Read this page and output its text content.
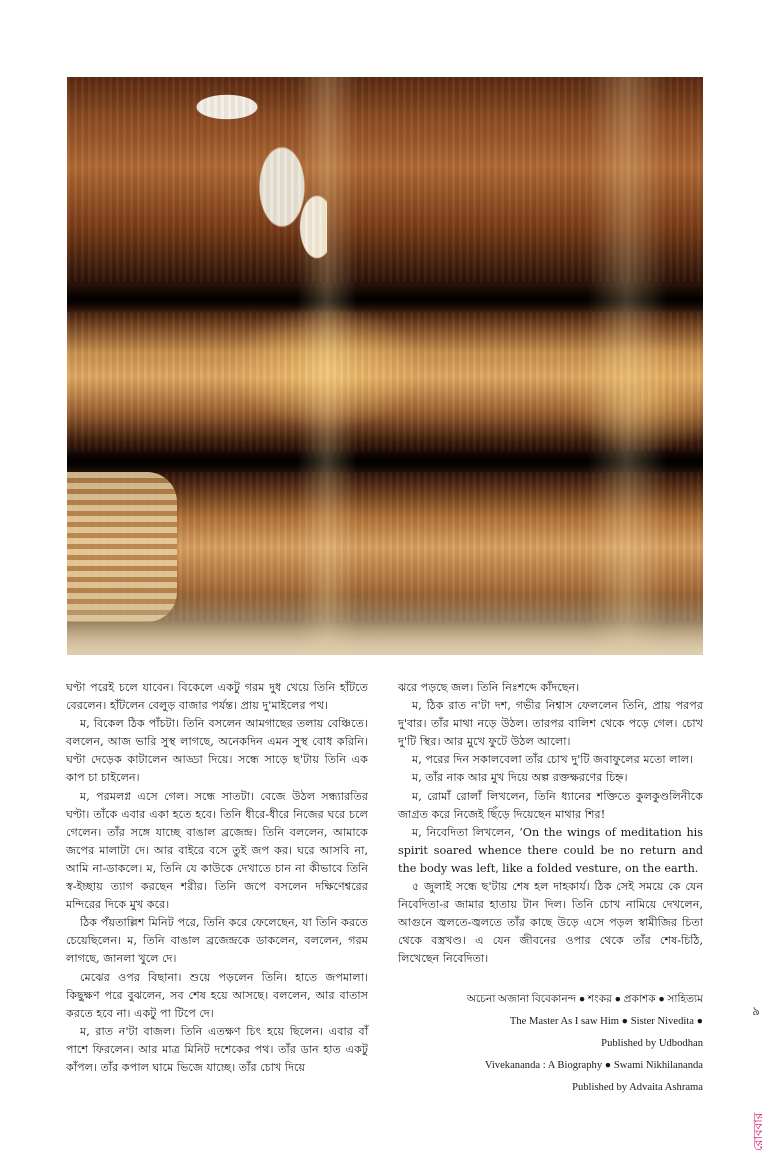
ঘণ্টা পরেই চলে যাবেন। বিকেলে একটু গরম দুধ খেয়ে তিনি হাঁটতে বেরলেন। হাঁটলেন বেলুড় বাজার পর্যন্ত। প্রায় দু'মাইলের পথ।

ম, বিকেল ঠিক পাঁচটা। তিনি বসলেন আমগাছের তলায় বেঞ্চিতে। বললেন, আজ ভারি সুস্থ লাগছে, অনেকদিন এমন সুস্থ বোধ করিনি। ঘণ্টা দেড়েক কাটালেন আড্ডা দিয়ে। সন্ধে সাড়ে ছ'টায় তিনি এক কাপ চা চাইলেন।

ম, পরমলগ্ন এসে গেল। সন্ধে সাতটা। বেজে উঠল সন্ধ্যারতির ঘণ্টা। তাঁকে এবার একা হতে হবে। তিনি ধীরে-ধীরে নিজের ঘরে চলে গেলেন। তাঁর সঙ্গে যাচ্ছে বাঙাল ব্রজেন্দ্র। তিনি বললেন, আমাকে জপের মালাটা দে। আর বাইরে বসে তুই জপ কর। ঘরে আসবি না, আমি না-ডাকলে। ম, তিনি যে কাউকে দেখাতে চান না কীভাবে তিনি স্ব-ইচ্ছায় ত্যাগ করছেন শরীর। তিনি জপে বসলেন দক্ষিণেশ্বরের মন্দিরের দিকে মুখ করে।

ঠিক পঁয়তাল্লিশ মিনিট পরে, তিনি করে ফেলেছেন, যা তিনি করতে চেয়েছিলেন। ম, তিনি বাঙাল ব্রজেন্দ্রকে ডাকলেন, বললেন, গরম লাগছে, জানলা খুলে দে।

মেঝের ওপর বিছানা। শুয়ে পড়লেন তিনি। হাতে জপমালা। কিছুক্ষণ পরে বুঝলেন, সব শেষ হয়ে আসছে। বললেন, আর বাতাস করতে হবে না। একটু পা টিপে দে।

ম, রাত ন'টা বাজল। তিনি এতক্ষণ চিৎ হয়ে ছিলেন। এবার বাঁ পাশে ফিরলেন। আর মাত্র মিনিট দশেকের পথ। তাঁর ডান হাত একটু কাঁপল। তাঁর কপাল ঘামে ভিজে যাচ্ছে। তাঁর চোখ দিয়ে

ঝরে পড়ছে জল। তিনি নিঃশব্দে কাঁদছেন।

ম, ঠিক রাত ন'টা দশ, গভীর নিশ্বাস ফেললেন তিনি, প্রায় পরপর দু'বার। তাঁর মাথা নড়ে উঠল। তারপর বালিশ থেকে পড়ে গেল। চোখ দু'টি স্থির। আর মুখে ফুটে উঠল আলো।

ম, পরের দিন সকালবেলা তাঁর চোখ দু'টি জবাফুলের মতো লাল।

ম, তাঁর নাক আর মুখ দিয়ে অল্প রক্তক্ষরণের চিহ্ন।

ম, রোমাঁ রোলাঁ লিখলেন, তিনি ধ্যানের শক্তিতে কুলকুণ্ডলিনীকে জাগ্রত করে নিজেই ছিঁড়ে দিয়েছেন মাথার শির!

ম, নিবেদিতা লিখলেন, ‘On the wings of meditation his spirit soared whence there could be no return and the body was left, like a folded vesture, on the earth.

৫ জুলাই সন্ধে ছ'টায় শেষ হল দাহকার্য। ঠিক সেই সময়ে কে যেন নিবেদিতা-র জামার হাতায় টান দিল। তিনি চোখ নামিয়ে দেখলেন, আগুনে জ্বলতে-জ্বলতে তাঁর কাছে উড়ে এসে পড়ল স্বামীজির চিতা থেকে বস্ত্রখণ্ড। এ যেন জীবনের ওপার থেকে তাঁর শেষ-চিঠি, লিখেছেন নিবেদিতা।

অচেনা অজানা বিবেকানন্দ ● শংকর ● প্রকাশক ● সাহিত্যম
The Master As I saw Him ● Sister Nivedita ●
Published by Udbodhan
Vivekananda : A Biography ● Swami Nikhilananda
Published by Advaita Ashrama
৯
রোববার
